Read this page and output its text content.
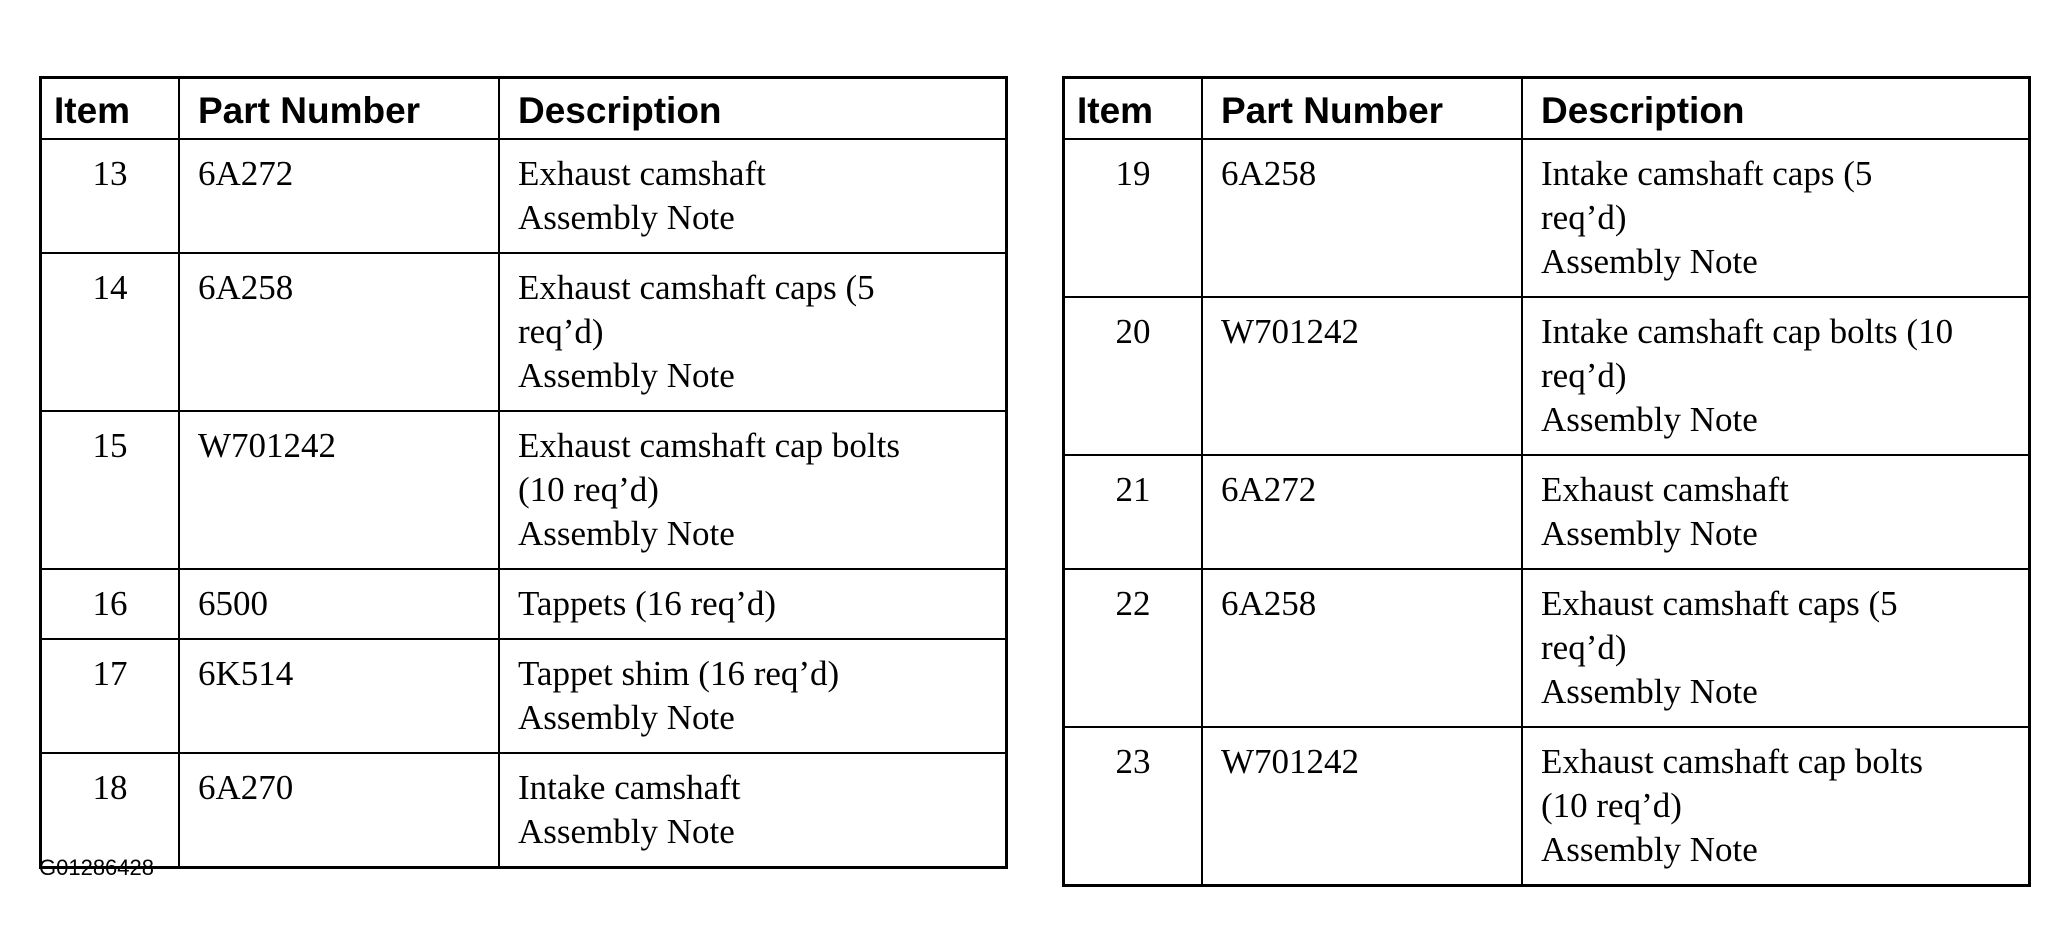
Item	Part Number	Description
13	6A272	Exhaust camshaft
Assembly Note

14	6A258	Exhaust camshaft caps (5
req’d)
Assembly Note

15	W701242	Exhaust camshaft cap bolts
(10 req’d)
Assembly Note

16	6500	Tappets (16 req’d)

17	6K514	Tappet shim (16 req’d)
Assembly Note

18	6A270	Intake camshaft
Assembly Note
Item	Part Number	Description
19	6A258	Intake camshaft caps (5
req’d)
Assembly Note

20	W701242	Intake camshaft cap bolts (10
req’d)
Assembly Note

21	6A272	Exhaust camshaft
Assembly Note

22	6A258	Exhaust camshaft caps (5
req’d)
Assembly Note

23	W701242	Exhaust camshaft cap bolts
(10 req’d)
Assembly Note
G01286428
